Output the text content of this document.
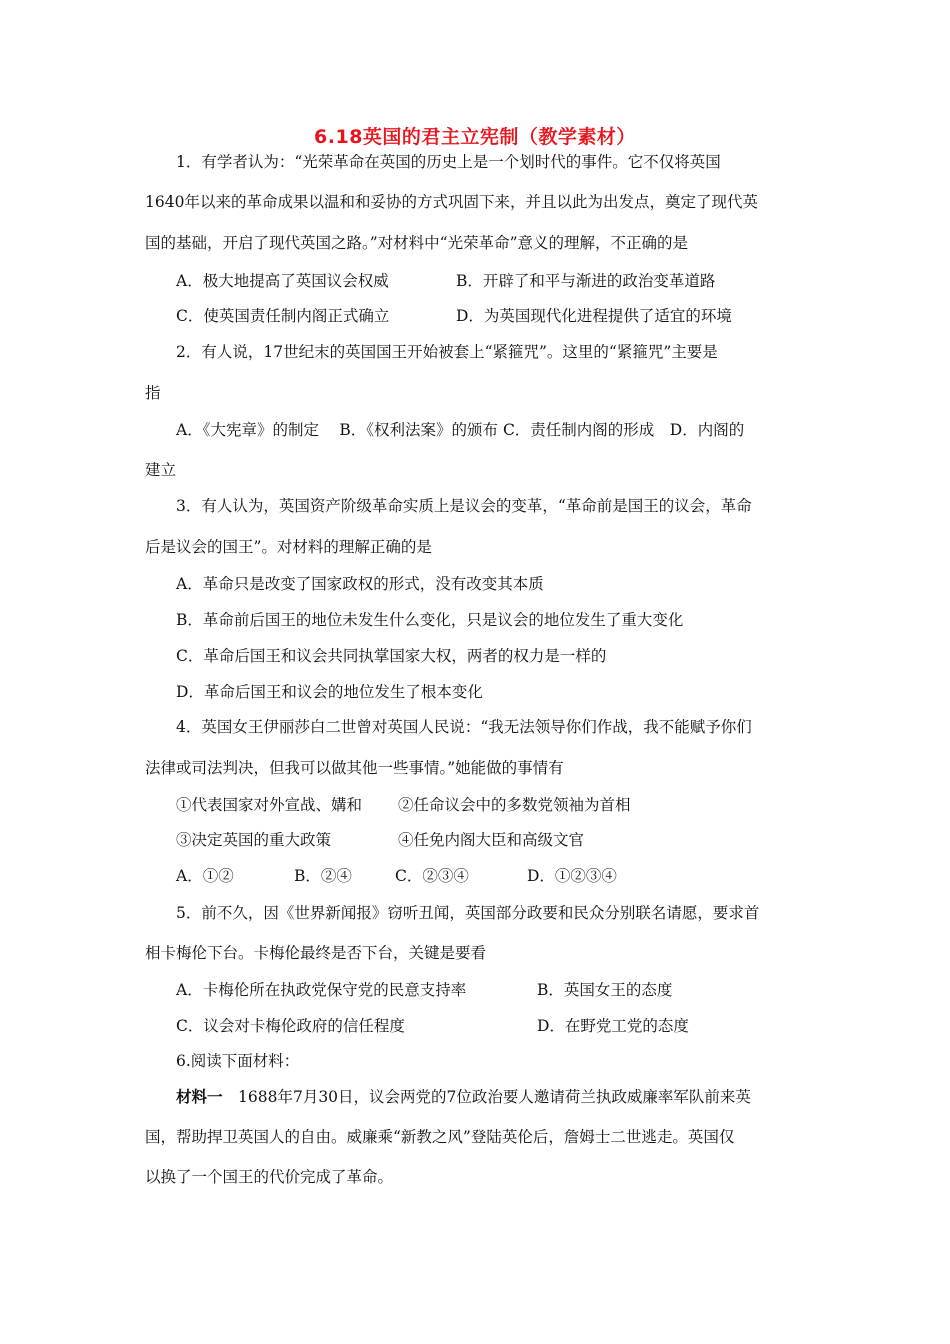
6.18英国的君主立宪制（教学素材）
1．有学者认为：“光荣革命在英国的历史上是一个划时代的事件。它不仅将英国
1640年以来的革命成果以温和和妥协的方式巩固下来，并且以此为出发点，奠定了现代英
国的基础，开启了现代英国之路。”对材料中“光荣革命”意义的理解，不正确的是
A．极大地提高了英国议会权威	B．开辟了和平与渐进的政治变革道路
C．使英国责任制内阁正式确立	D．为英国现代化进程提供了适宜的环境
2．有人说，17世纪末的英国国王开始被套上“紧箍咒”。这里的“紧箍咒”主要是
指
A．《大宪章》的制定　 B．《权利法案》的颁布 C．责任制内阁的形成　D．内阁的
建立
3．有人认为，英国资产阶级革命实质上是议会的变革，“革命前是国王的议会，革命
后是议会的国王”。对材料的理解正确的是
A．革命只是改变了国家政权的形式，没有改变其本质
B．革命前后国王的地位未发生什么变化，只是议会的地位发生了重大变化
C．革命后国王和议会共同执掌国家大权，两者的权力是一样的
D．革命后国王和议会的地位发生了根本变化
4．英国女王伊丽莎白二世曾对英国人民说：“我无法领导你们作战，我不能赋予你们
法律或司法判决，但我可以做其他一些事情。”她能做的事情有
①代表国家对外宣战、媾和 ②任命议会中的多数党领袖为首相
③决定英国的重大政策	④任免内阁大臣和高级文官
A．①②	B．②④	C．②③④	D．①②③④
5．前不久，因《世界新闻报》窃听丑闻，英国部分政要和民众分别联名请愿，要求首
相卡梅伦下台。卡梅伦最终是否下台，关键是要看
A．卡梅伦所在执政党保守党的民意支持率	B．英国女王的态度
C．议会对卡梅伦政府的信任程度	D．在野党工党的态度
6.阅读下面材料：
材料一　1688年7月30日，议会两党的7位政治要人邀请荷兰执政威廉率军队前来英
国，帮助捍卫英国人的自由。威廉乘“新教之风”登陆英伦后，詹姆士二世逃走。英国仅
以换了一个国王的代价完成了革命。
